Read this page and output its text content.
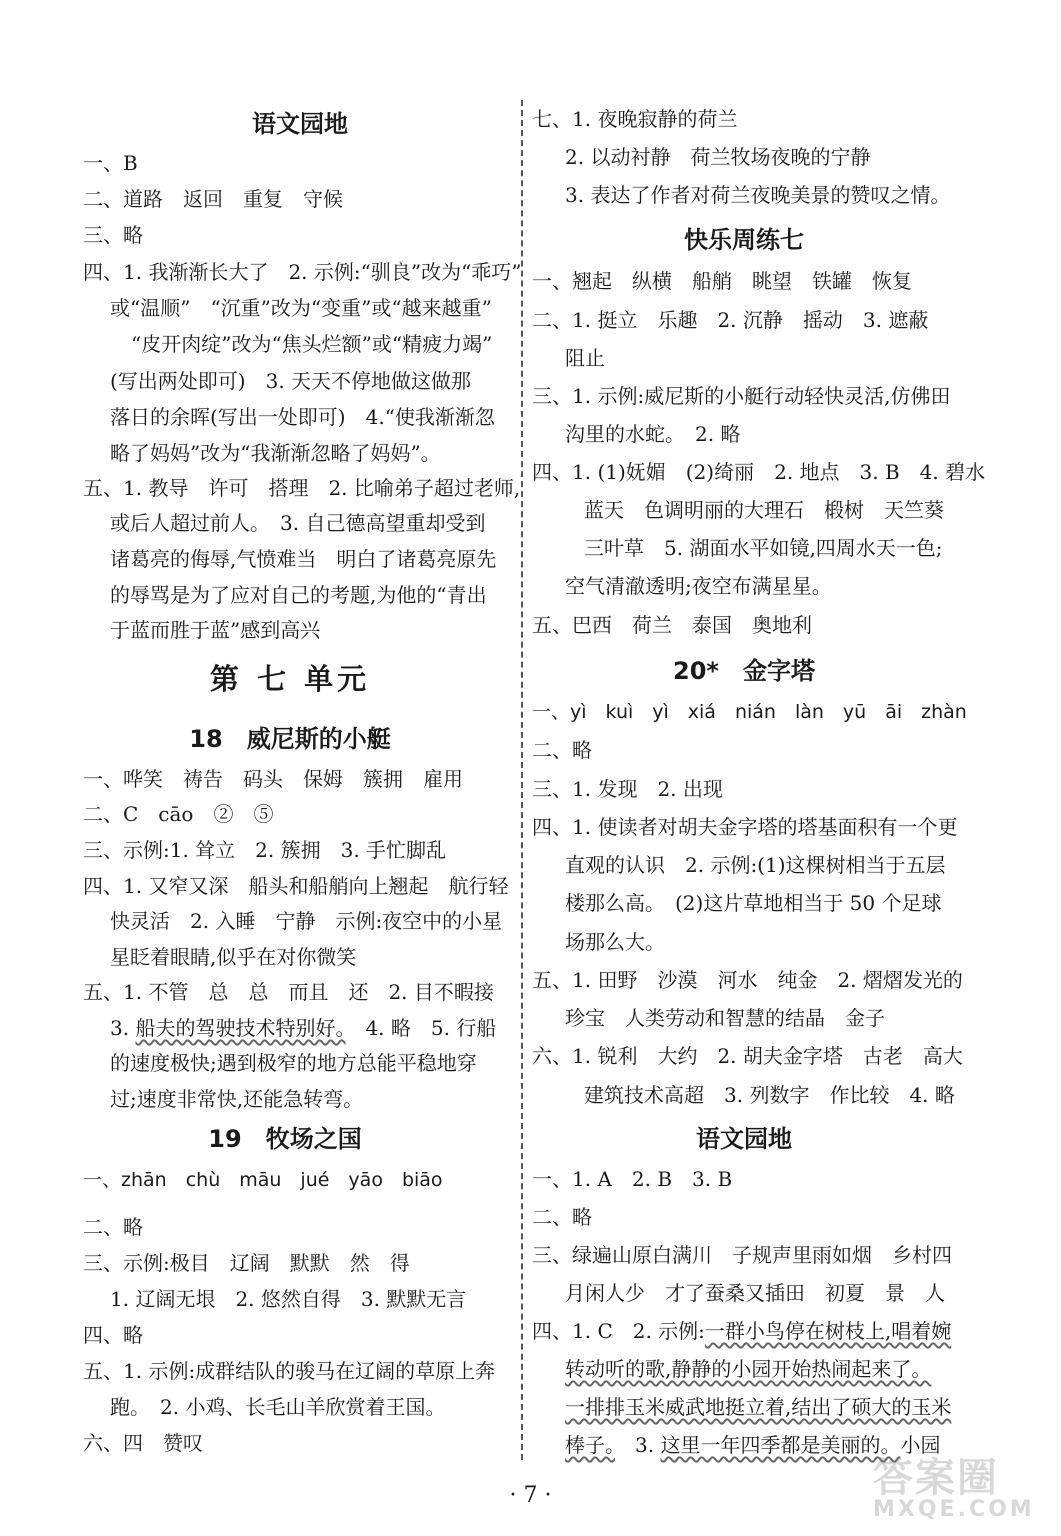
语文园地
一、B
二、道路　返回　重复　守候
三、略
四、1. 我渐渐长大了　2. 示例:“驯良”改为“乖巧”
或“温顺”　“沉重”改为“变重”或“越来越重”
“皮开肉绽”改为“焦头烂额”或“精疲力竭”
(写出两处即可)　3. 天天不停地做这做那
落日的余晖(写出一处即可)　4.“使我渐渐忽
略了妈妈”改为“我渐渐忽略了妈妈”。
五、1. 教导　许可　搭理　2. 比喻弟子超过老师,
或后人超过前人。　3. 自己德高望重却受到
诸葛亮的侮辱,气愤难当　明白了诸葛亮原先
的辱骂是为了应对自己的考题,为他的“青出
于蓝而胜于蓝”感到高兴
第 七 单元
18　威尼斯的小艇
一、哗笑　祷告　码头　保姆　簇拥　雇用
二、C　cāo　②　⑤
三、示例:1. 耸立　2. 簇拥　3. 手忙脚乱
四、1. 又窄又深　船头和船艄向上翘起　航行轻
快灵活　2. 入睡　宁静　示例:夜空中的小星
星眨着眼睛,似乎在对你微笑
五、1. 不管　总　总　而且　还　2. 目不暇接
3. 船夫的驾驶技术特别好。　4. 略　5. 行船
的速度极快;遇到极窄的地方总能平稳地穿
过;速度非常快,还能急转弯。
19　牧场之国
一、zhān　chù　māu　jué　yāo　biāo
二、略
三、示例:极目　辽阔　默默　然　得
1. 辽阔无垠　2. 悠然自得　3. 默默无言
四、略
五、1. 示例:成群结队的骏马在辽阔的草原上奔
跑。　2. 小鸡、长毛山羊欣赏着王国。
六、四　赞叹
七、1. 夜晚寂静的荷兰
2. 以动衬静　荷兰牧场夜晚的宁静
3. 表达了作者对荷兰夜晚美景的赞叹之情。
快乐周练七
一、翘起　纵横　船艄　眺望　铁罐　恢复
二、1. 挺立　乐趣　2. 沉静　摇动　3. 遮蔽
阻止
三、1. 示例:威尼斯的小艇行动轻快灵活,仿佛田
沟里的水蛇。　2. 略
四、1. (1)妩媚　(2)绮丽　2. 地点　3. B　4. 碧水
蓝天　色调明丽的大理石　椴树　天竺葵
三叶草　5. 湖面水平如镜,四周水天一色;
空气清澈透明;夜空布满星星。
五、巴西　荷兰　泰国　奥地利
20*　金字塔
一、yì　kuì　yì　xiá　nián　làn　yū　āi　zhàn
二、略
三、1. 发现　2. 出现
四、1. 使读者对胡夫金字塔的塔基面积有一个更
直观的认识　2. 示例:(1)这棵树相当于五层
楼那么高。　(2)这片草地相当于 50 个足球
场那么大。
五、1. 田野　沙漠　河水　纯金　2. 熠熠发光的
珍宝　人类劳动和智慧的结晶　金子
六、1. 锐利　大约　2. 胡夫金字塔　古老　高大
建筑技术高超　3. 列数字　作比较　4. 略
语文园地
一、1. A　2. B　3. B
二、略
三、绿遍山原白满川　子规声里雨如烟　乡村四
月闲人少　才了蚕桑又插田　初夏　景　人
四、1. C　2. 示例:一群小鸟停在树枝上,唱着婉
转动听的歌,静静的小园开始热闹起来了。
一排排玉米威武地挺立着,结出了硕大的玉米
棒子。　3. 这里一年四季都是美丽的。小园
· 7 ·	答案圈
MXQE.COM
